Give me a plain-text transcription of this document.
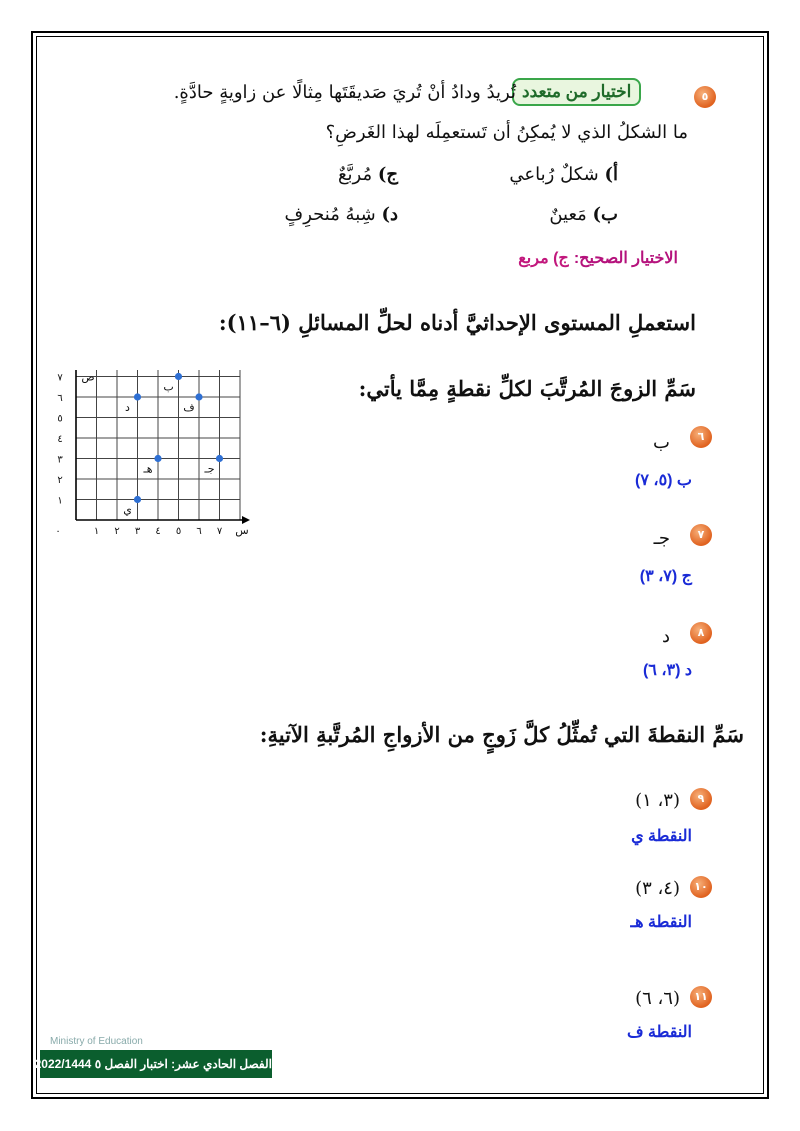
٥
اختيار من متعدد
تُريدُ ودادُ أنْ تُريَ صَديقَتَها مِثالًا عن زاويةٍ حادَّةٍ.
ما الشكلُ الذي لا يُمكِنُ أن تَستعمِلَه لهذا الغَرضِ؟
أ) شكلٌ رُباعي
ج) مُربَّعٌ
ب) مَعينٌ
د) شِبهُ مُنحرِفٍ
الاختيار الصحيح: ج) مربع
استعملِ المستوى الإحداثيَّ أدناه لحلِّ المسائلِ (٦–١١):
سَمِّ الزوجَ المُرتَّبَ لكلِّ نقطةٍ مِمَّا يأتي:
٠	١ ٢ ٣ ٤ ٥ ٦ ٧
١
٢
٣
٤
٥
٦
٧
س
ص
ب
د	ف
هـ	جـ
ي
٦
ب
ب (٥، ٧)
٧
جـ
ج (٧، ٣)
٨
د
د (٣، ٦)
سَمِّ النقطةَ التي تُمثِّلُ كلَّ زَوجٍ من الأزواجِ المُرتَّبةِ الآتيةِ:
٩
(٣، ١)
النقطة ي
١٠
(٤، ٣)
النقطة هـ
١١
(٦، ٦)
النقطة ف
Ministry of Education
الفصل الحادي عشر: اختبار الفصل ٥ 2022/1444
